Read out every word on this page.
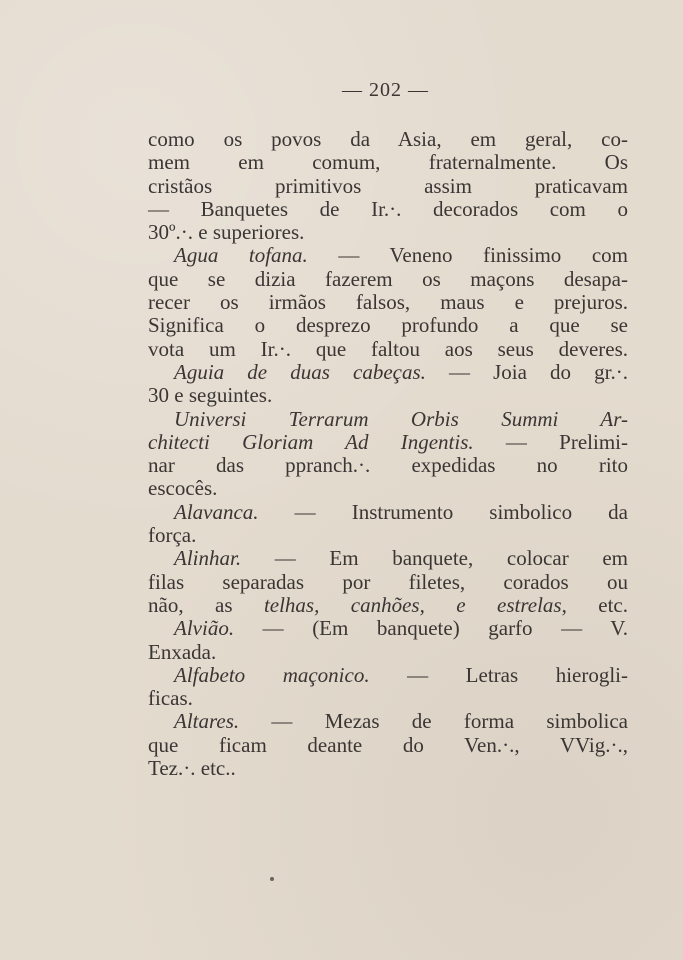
— 202 —
como os povos da Asia, em geral, co-
mem em comum, fraternalmente. Os
cristãos primitivos assim praticavam
— Banquetes de Ir.·. decorados com o
30º.·. e superiores.
Agua tofana. — Veneno finissimo com
que se dizia fazerem os maçons desapa-
recer os irmãos falsos, maus e prejuros.
Significa o desprezo profundo a que se
vota um Ir.·. que faltou aos seus deveres.
Aguia de duas cabeças. — Joia do gr.·.
30 e seguintes.
Universi Terrarum Orbis Summi Ar-
chitecti Gloriam Ad Ingentis. — Prelimi-
nar das ppranch.·. expedidas no rito
escocês.
Alavanca. — Instrumento simbolico da
força.
Alinhar. — Em banquete, colocar em
filas separadas por filetes, corados ou
não, as telhas, canhões, e estrelas, etc.
Alvião. — (Em banquete) garfo — V.
Enxada.
Alfabeto maçonico. — Letras hierogli-
ficas.
Altares. — Mezas de forma simbolica
que ficam deante do Ven.·., VVig.·.,
Tez.·. etc..
